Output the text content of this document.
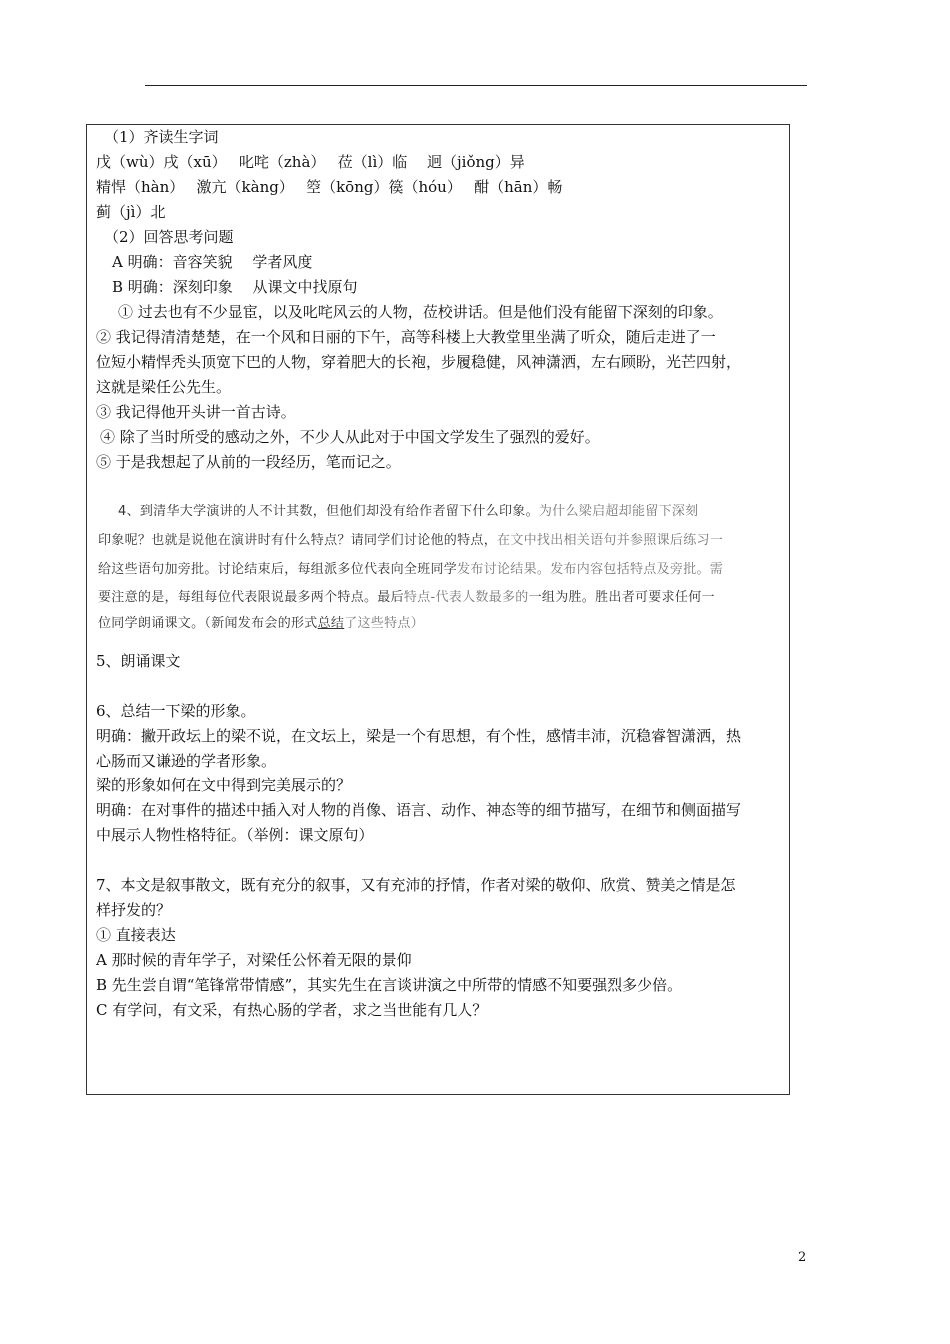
（1）齐读生字词
戊（wù）戌（xū）　 叱咤（zhà）　 莅（lì）临　 迥（jiǒng）异
精悍（hàn）　 激亢（kàng）　 箜（kōng）篌（hóu）　 酣（hān）畅
蓟（jì）北
（2）回答思考问题
A 明确：音容笑貌　 学者风度
B 明确：深刻印象　 从课文中找原句
① 过去也有不少显宦，以及叱咤风云的人物，莅校讲话。但是他们没有能留下深刻的印象。
② 我记得清清楚楚，在一个风和日丽的下午，高等科楼上大教堂里坐满了听众，随后走进了一
位短小精悍秃头顶宽下巴的人物，穿着肥大的长袍，步履稳健，风神潇洒，左右顾盼，光芒四射，
这就是梁任公先生。
③ 我记得他开头讲一首古诗。
④ 除了当时所受的感动之外，不少人从此对于中国文学发生了强烈的爱好。
⑤ 于是我想起了从前的一段经历，笔而记之。
4、到清华大学演讲的人不计其数，但他们却没有给作者留下什么印象。为什么梁启超却能留下深刻
印象呢？也就是说他在演讲时有什么特点？请同学们讨论他的特点，在文中找出相关语句并参照课后练习一
给这些语句加旁批。讨论结束后，每组派多位代表向全班同学发布讨论结果。发布内容包括特点及旁批。需
要注意的是，每组每位代表限说最多两个特点。最后特点-代表人数最多的一组为胜。胜出者可要求任何一
位同学朗诵课文。（新闻发布会的形式总结了这些特点）
5、朗诵课文
6、总结一下梁的形象。
明确：撇开政坛上的梁不说，在文坛上，梁是一个有思想，有个性，感情丰沛，沉稳睿智潇洒，热
心肠而又谦逊的学者形象。
梁的形象如何在文中得到完美展示的？
明确：在对事件的描述中插入对人物的肖像、语言、动作、神态等的细节描写，在细节和侧面描写
中展示人物性格特征。（举例：课文原句）
7、本文是叙事散文，既有充分的叙事，又有充沛的抒情，作者对梁的敬仰、欣赏、赞美之情是怎
样抒发的？
① 直接表达
A 那时候的青年学子，对梁任公怀着无限的景仰
B 先生尝自谓“笔锋常带情感”，其实先生在言谈讲演之中所带的情感不知要强烈多少倍。
C 有学问，有文采，有热心肠的学者，求之当世能有几人？
2
